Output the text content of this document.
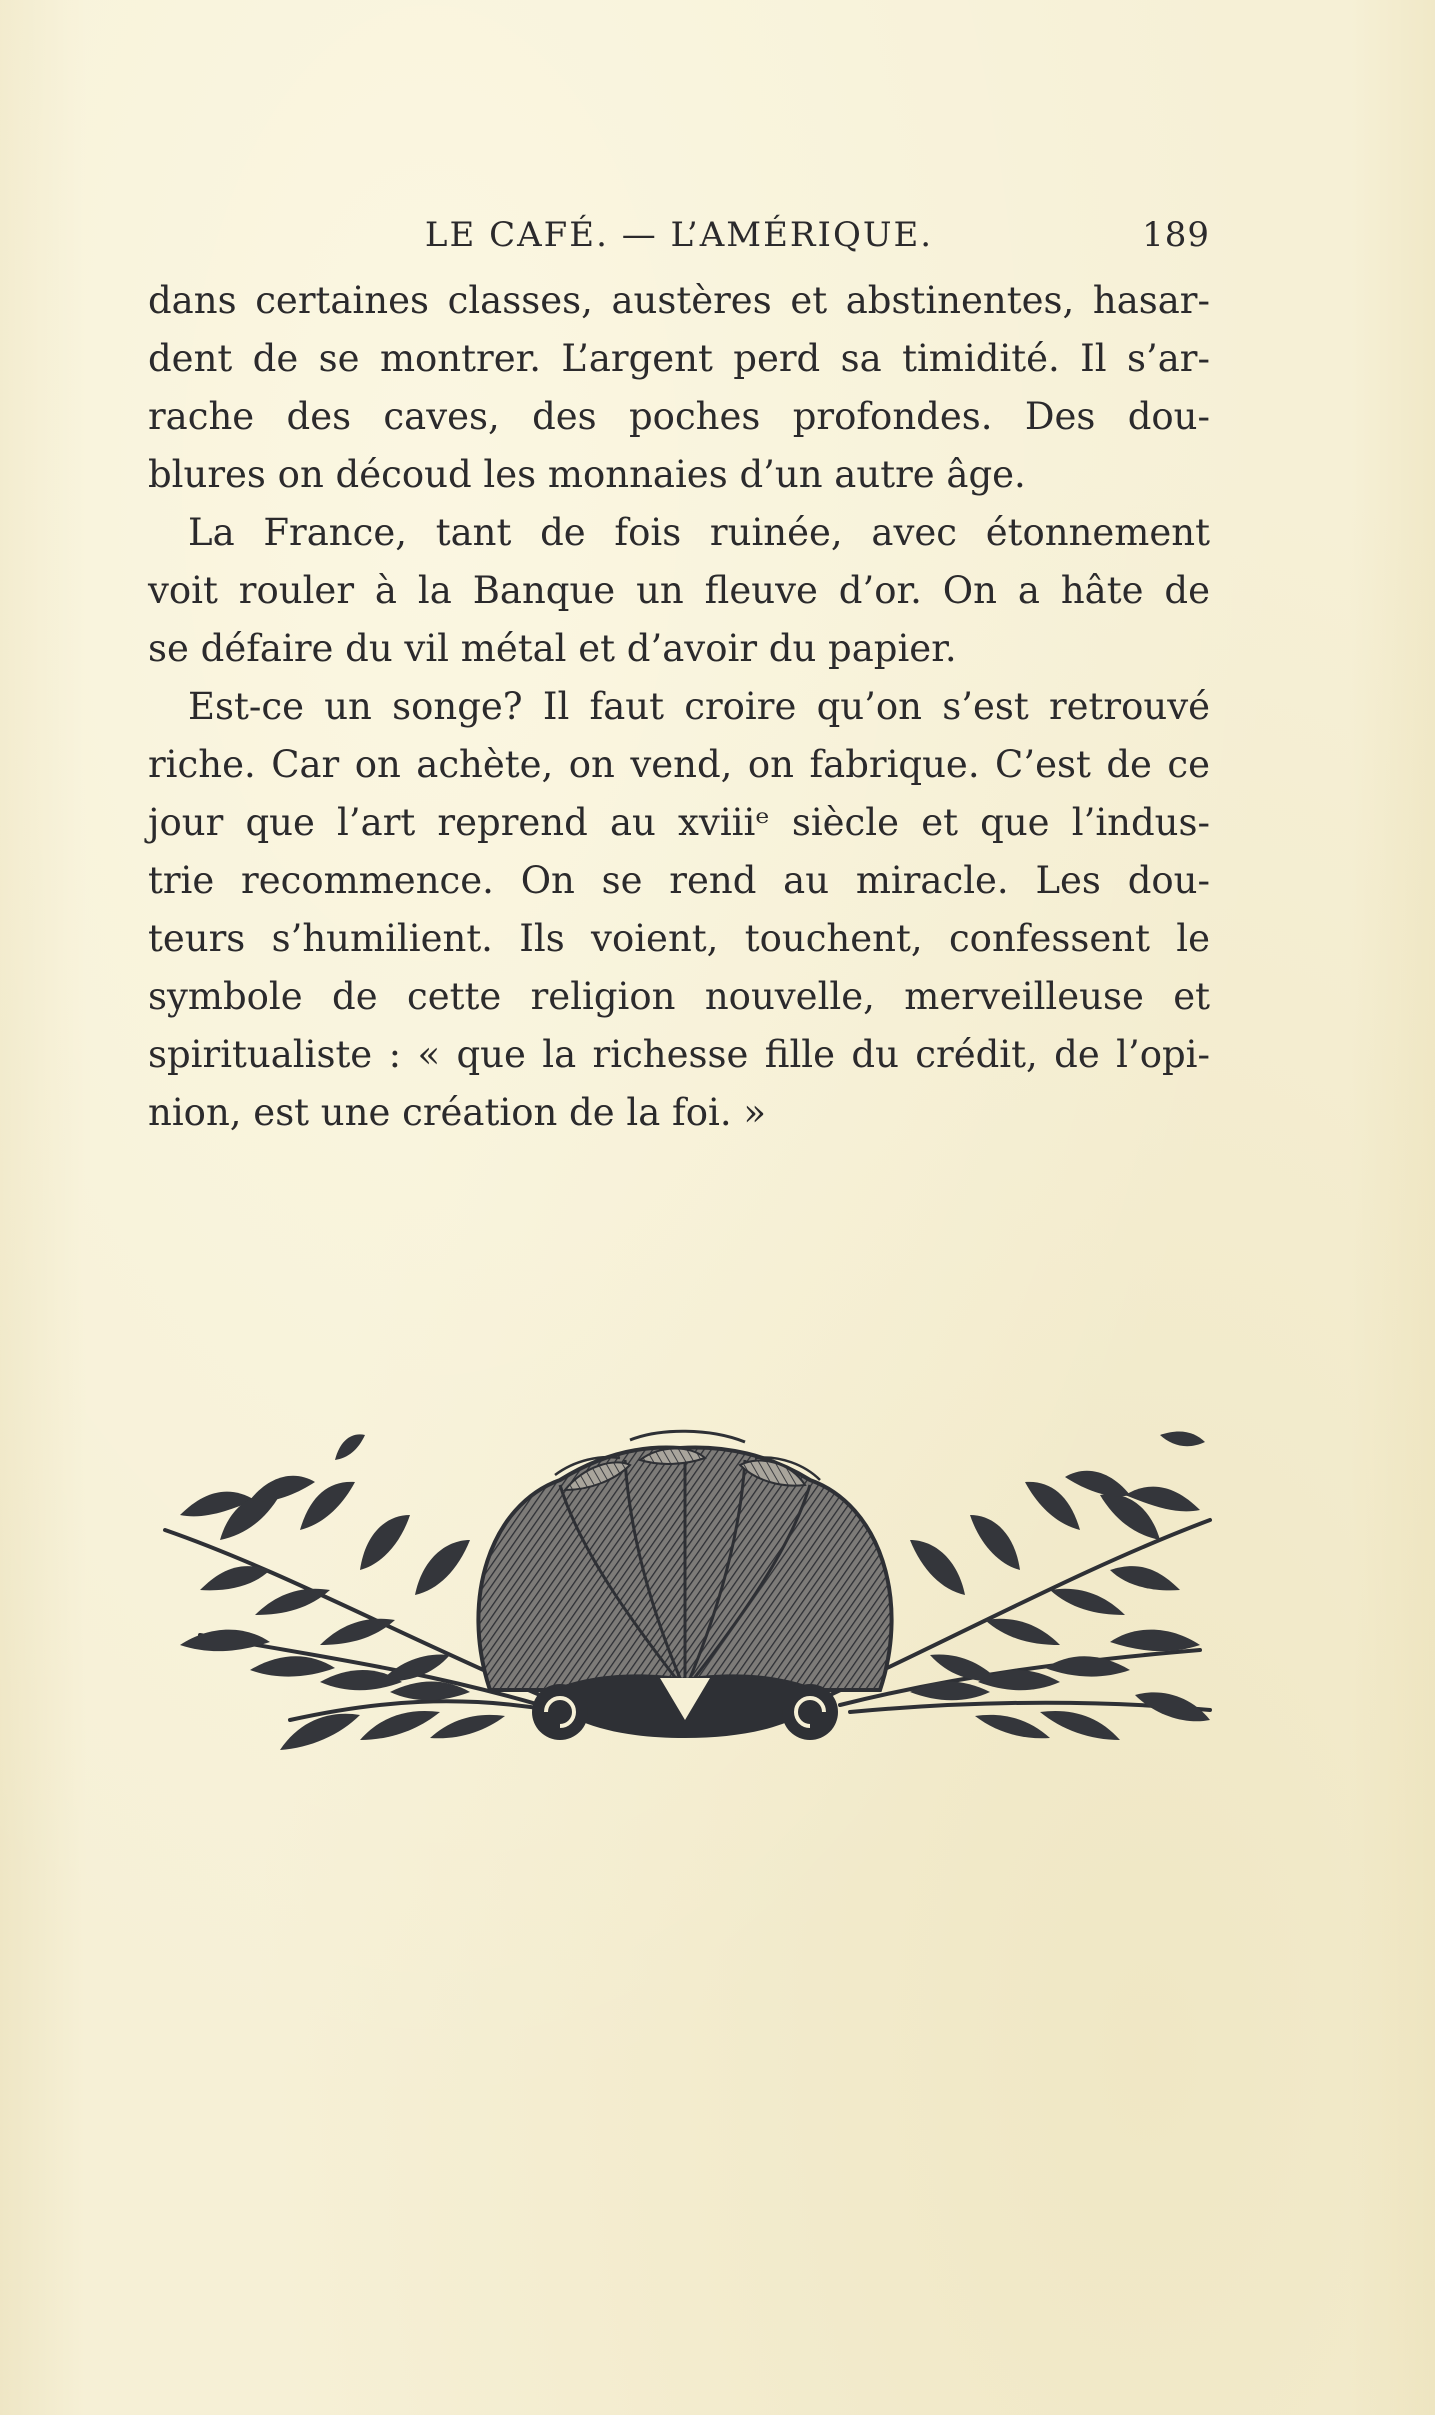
LE CAFÉ. — L’AMÉRIQUE.	189
dans certaines classes, austères et abstinentes, hasar-
dent de se montrer. L’argent perd sa timidité. Il s’ar-
rache des caves, des poches profondes. Des dou-
blures on découd les monnaies d’un autre âge.
La France, tant de fois ruinée, avec étonnement
voit rouler à la Banque un fleuve d’or. On a hâte de
se défaire du vil métal et d’avoir du papier.
Est-ce un songe? Il faut croire qu’on s’est retrouvé
riche. Car on achète, on vend, on fabrique. C’est de ce
jour que l’art reprend au xviiiᵉ siècle et que l’indus-
trie recommence. On se rend au miracle. Les dou-
teurs s’humilient. Ils voient, touchent, confessent le
symbole de cette religion nouvelle, merveilleuse et
spiritualiste : « que la richesse fille du crédit, de l’opi-
nion, est une création de la foi. »
